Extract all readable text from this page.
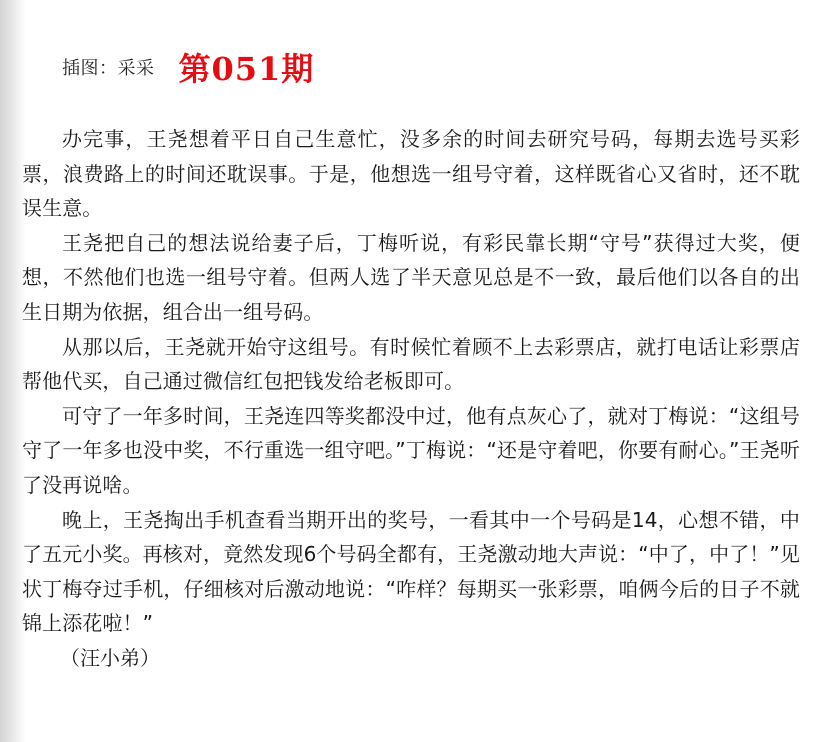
插图：采采 第051期

办完事，王尧想着平日自己生意忙，没多余的时间去研究号码，每期去选号买彩票，浪费路上的时间还耽误事。于是，他想选一组号守着，这样既省心又省时，还不耽误生意。

王尧把自己的想法说给妻子后，丁梅听说，有彩民靠长期“守号”获得过大奖，便想，不然他们也选一组号守着。但两人选了半天意见总是不一致，最后他们以各自的出生日期为依据，组合出一组号码。

从那以后，王尧就开始守这组号。有时候忙着顾不上去彩票店，就打电话让彩票店帮他代买，自己通过微信红包把钱发给老板即可。

可守了一年多时间，王尧连四等奖都没中过，他有点灰心了，就对丁梅说：“这组号守了一年多也没中奖，不行重选一组守吧。”丁梅说：“还是守着吧，你要有耐心。”王尧听了没再说啥。

晚上，王尧掏出手机查看当期开出的奖号，一看其中一个号码是14，心想不错，中了五元小奖。再核对，竟然发现6个号码全都有，王尧激动地大声说：“中了，中了！”见状丁梅夺过手机，仔细核对后激动地说：“咋样？每期买一张彩票，咱俩今后的日子不就锦上添花啦！”

（汪小弟）
